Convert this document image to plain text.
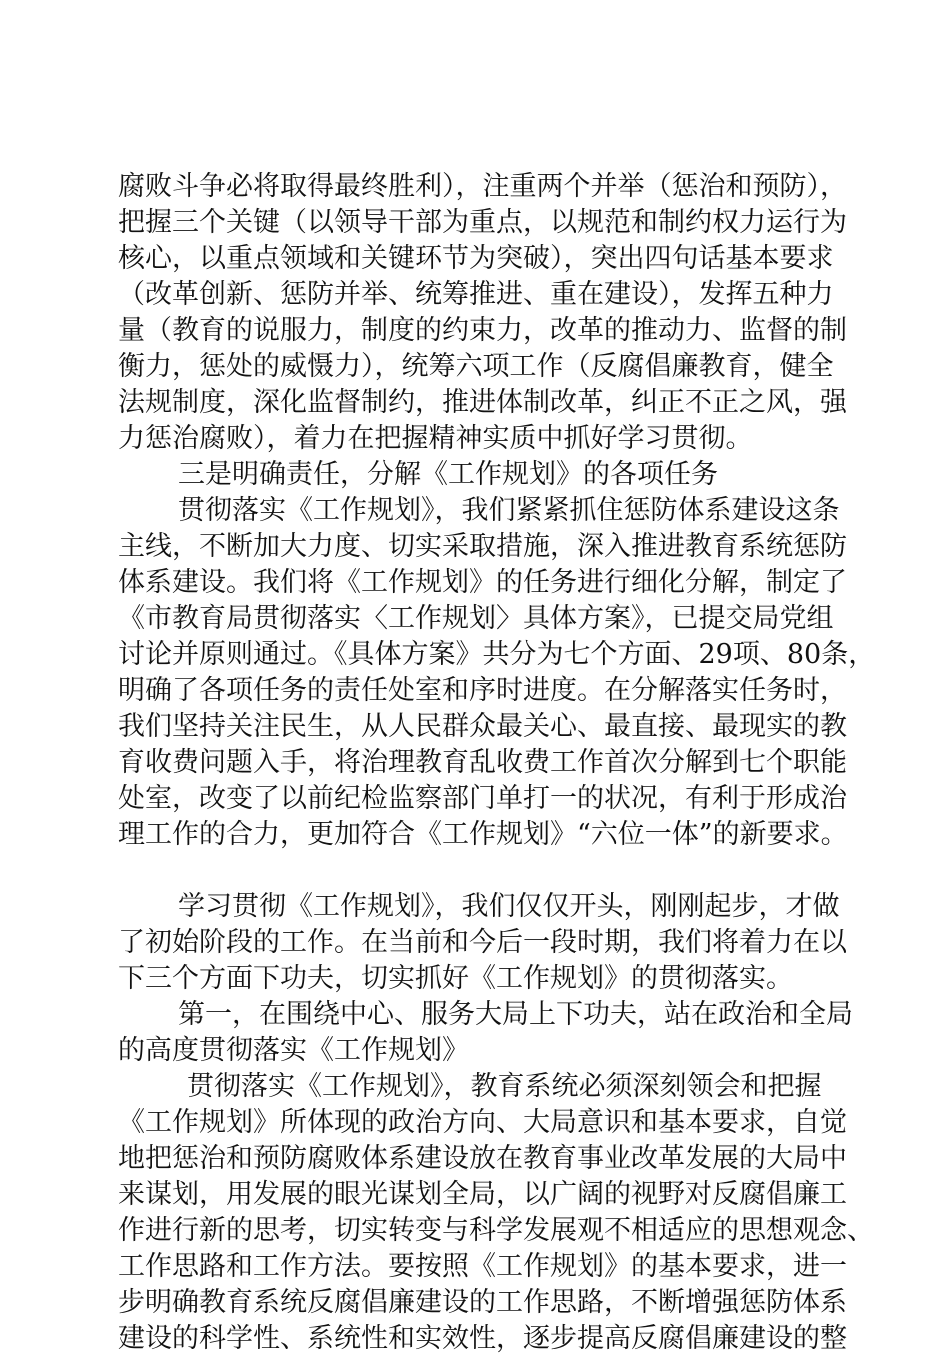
腐败斗争必将取得最终胜利），注重两个并举（惩治和预防），
把握三个关键（以领导干部为重点，以规范和制约权力运行为
核心，以重点领域和关键环节为突破），突出四句话基本要求
（改革创新、惩防并举、统筹推进、重在建设），发挥五种力
量（教育的说服力，制度的约束力，改革的推动力、监督的制
衡力，惩处的威慑力），统筹六项工作（反腐倡廉教育，健全
法规制度，深化监督制约，推进体制改革，纠正不正之风，强
力惩治腐败），着力在把握精神实质中抓好学习贯彻。
三是明确责任，分解《工作规划》的各项任务
贯彻落实《工作规划》，我们紧紧抓住惩防体系建设这条
主线，不断加大力度、切实采取措施，深入推进教育系统惩防
体系建设。我们将《工作规划》的任务进行细化分解，制定了
《市教育局贯彻落实〈工作规划〉具体方案》，已提交局党组
讨论并原则通过。《具体方案》共分为七个方面、29项、80条，
明确了各项任务的责任处室和序时进度。在分解落实任务时，
我们坚持关注民生，从人民群众最关心、最直接、最现实的教
育收费问题入手，将治理教育乱收费工作首次分解到七个职能
处室，改变了以前纪检监察部门单打一的状况，有利于形成治
理工作的合力，更加符合《工作规划》“六位一体”的新要求。
学习贯彻《工作规划》，我们仅仅开头，刚刚起步，才做
了初始阶段的工作。在当前和今后一段时期，我们将着力在以
下三个方面下功夫，切实抓好《工作规划》的贯彻落实。
第一，在围绕中心、服务大局上下功夫，站在政治和全局
的高度贯彻落实《工作规划》
贯彻落实《工作规划》，教育系统必须深刻领会和把握
《工作规划》所体现的政治方向、大局意识和基本要求，自觉
地把惩治和预防腐败体系建设放在教育事业改革发展的大局中
来谋划，用发展的眼光谋划全局，以广阔的视野对反腐倡廉工
作进行新的思考，切实转变与科学发展观不相适应的思想观念、
工作思路和工作方法。要按照《工作规划》的基本要求，进一
步明确教育系统反腐倡廉建设的工作思路，不断增强惩防体系
建设的科学性、系统性和实效性，逐步提高反腐倡廉建设的整
